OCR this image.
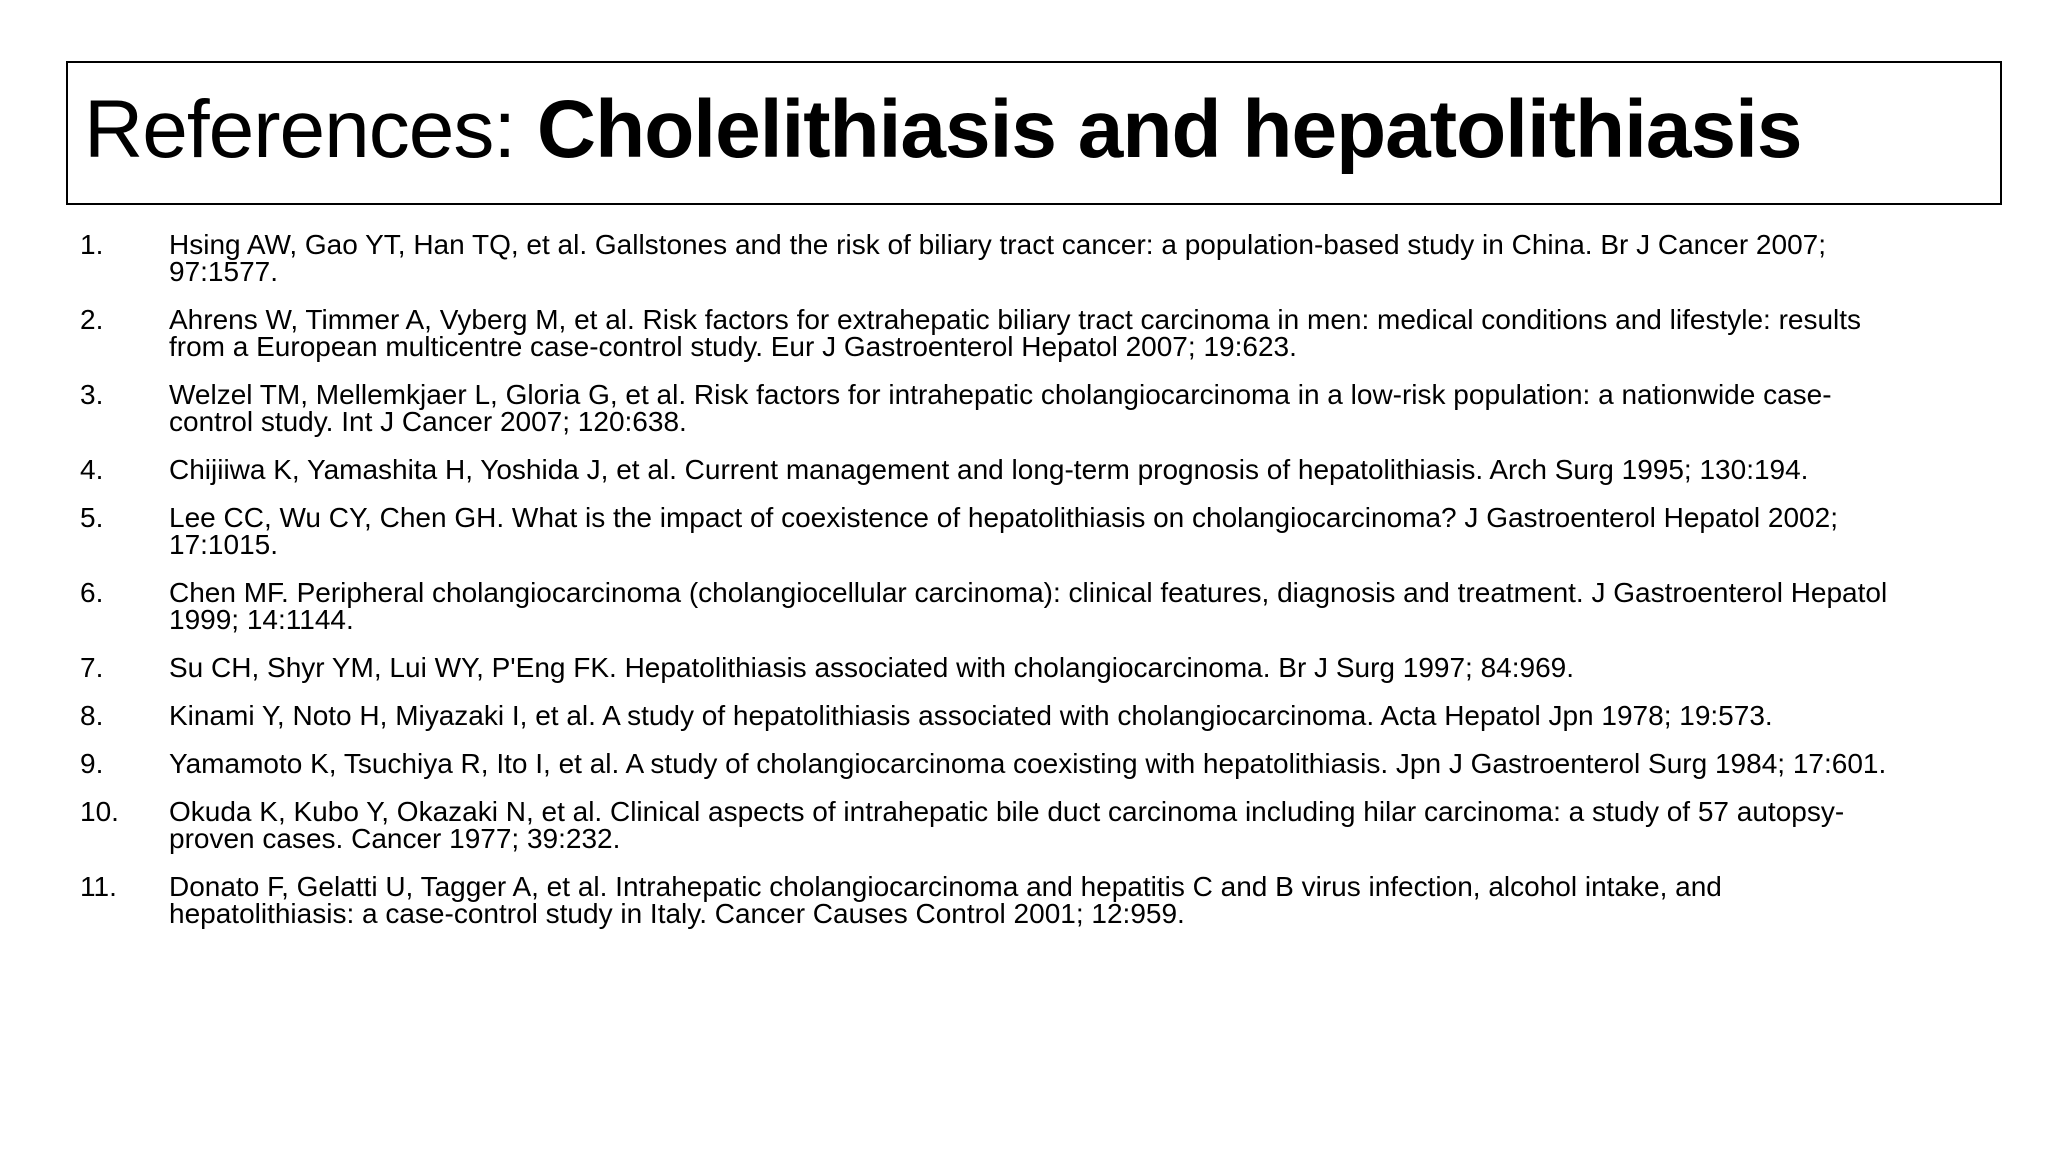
References: Cholelithiasis and hepatolithiasis
1.	Hsing AW, Gao YT, Han TQ, et al. Gallstones and the risk of biliary tract cancer: a population-based study in China. Br J Cancer 2007;
97:1577.
2.	Ahrens W, Timmer A, Vyberg M, et al. Risk factors for extrahepatic biliary tract carcinoma in men: medical conditions and lifestyle: results
from a European multicentre case-control study. Eur J Gastroenterol Hepatol 2007; 19:623.
3.	Welzel TM, Mellemkjaer L, Gloria G, et al. Risk factors for intrahepatic cholangiocarcinoma in a low-risk population: a nationwide case-
control study. Int J Cancer 2007; 120:638.
4.	Chijiiwa K, Yamashita H, Yoshida J, et al. Current management and long-term prognosis of hepatolithiasis. Arch Surg 1995; 130:194.
5.	Lee CC, Wu CY, Chen GH. What is the impact of coexistence of hepatolithiasis on cholangiocarcinoma? J Gastroenterol Hepatol 2002;
17:1015.
6.	Chen MF. Peripheral cholangiocarcinoma (cholangiocellular carcinoma): clinical features, diagnosis and treatment. J Gastroenterol Hepatol
1999; 14:1144.
7.	Su CH, Shyr YM, Lui WY, P'Eng FK. Hepatolithiasis associated with cholangiocarcinoma. Br J Surg 1997; 84:969.
8.	Kinami Y, Noto H, Miyazaki I, et al. A study of hepatolithiasis associated with cholangiocarcinoma. Acta Hepatol Jpn 1978; 19:573.
9.	Yamamoto K, Tsuchiya R, Ito I, et al. A study of cholangiocarcinoma coexisting with hepatolithiasis. Jpn J Gastroenterol Surg 1984; 17:601.
10.	Okuda K, Kubo Y, Okazaki N, et al. Clinical aspects of intrahepatic bile duct carcinoma including hilar carcinoma: a study of 57 autopsy-
proven cases. Cancer 1977; 39:232.
11.	Donato F, Gelatti U, Tagger A, et al. Intrahepatic cholangiocarcinoma and hepatitis C and B virus infection, alcohol intake, and
hepatolithiasis: a case-control study in Italy. Cancer Causes Control 2001; 12:959.
